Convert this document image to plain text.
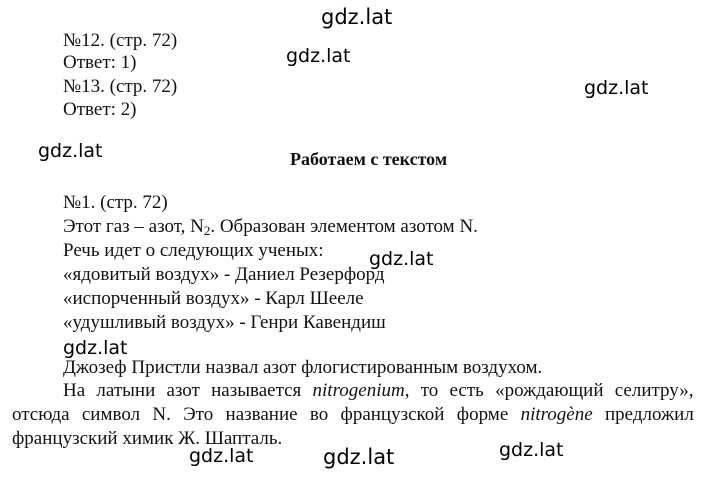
№12. (стр. 72)
Ответ: 1)
№13. (стр. 72)
Ответ: 2)
Работаем с текстом
№1. (стр. 72)
Этот газ – азот, $N_2$. Образован элементом азотом N.
Речь идет о следующих ученых:
«ядовитый воздух» - Даниел Резерфорд
«испорченный воздух» - Карл Шееле
«удушливый воздух» - Генри Кавендиш
Джозеф Пристли назвал азот флогистированным воздухом.
На латыни азот называется nitrogenium, то есть «рождающий селитру»,
отсюда символ N. Это название во французской форме nitrogène предложил
французский химик Ж. Шапталь.
gdz.lat
gdz.lat
gdz.lat
gdz.lat
gdz.lat
gdz.lat
gdz.lat	gdz.lat
gdz.lat
